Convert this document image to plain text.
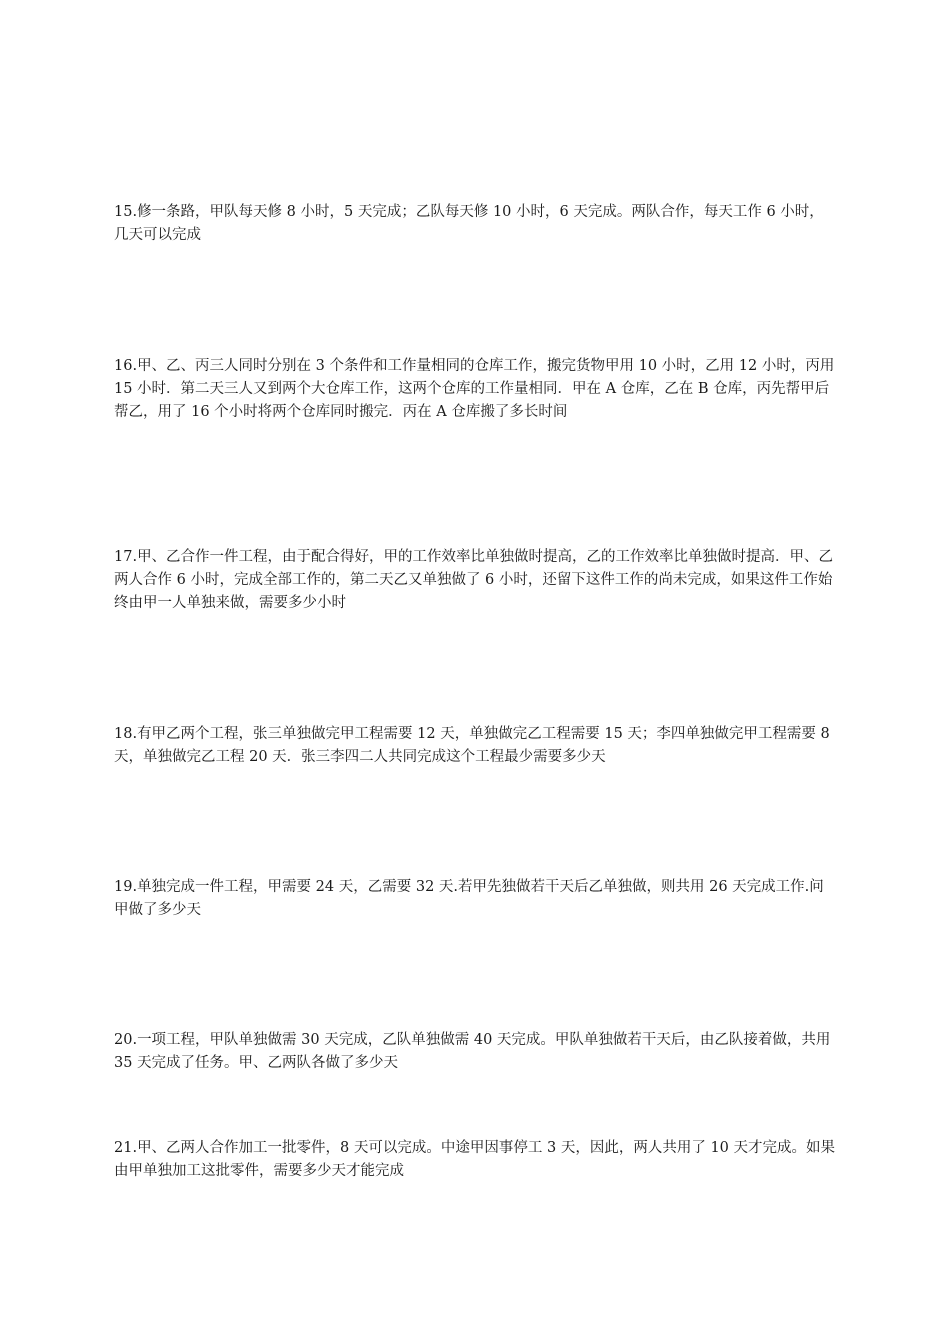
15.修一条路，甲队每天修 8 小时，5 天完成；乙队每天修 10 小时，6 天完成。两队合作，每天工作 6 小时，几天可以完成

16.甲、乙、丙三人同时分别在 3 个条件和工作量相同的仓库工作，搬完货物甲用 10 小时，乙用 12 小时，丙用 15 小时．第二天三人又到两个大仓库工作，这两个仓库的工作量相同．甲在 A 仓库，乙在 B 仓库，丙先帮甲后帮乙，用了 16 个小时将两个仓库同时搬完．丙在 A 仓库搬了多长时间

17.甲、乙合作一件工程，由于配合得好，甲的工作效率比单独做时提高，乙的工作效率比单独做时提高．甲、乙两人合作 6 小时，完成全部工作的，第二天乙又单独做了 6 小时，还留下这件工作的尚未完成，如果这件工作始终由甲一人单独来做，需要多少小时

18.有甲乙两个工程，张三单独做完甲工程需要 12 天，单独做完乙工程需要 15 天；李四单独做完甲工程需要 8 天，单独做完乙工程 20 天．张三李四二人共同完成这个工程最少需要多少天

19.单独完成一件工程，甲需要 24 天，乙需要 32 天.若甲先独做若干天后乙单独做，则共用 26 天完成工作.问甲做了多少天

20.一项工程，甲队单独做需 30 天完成，乙队单独做需 40 天完成。甲队单独做若干天后，由乙队接着做，共用 35 天完成了任务。甲、乙两队各做了多少天

21.甲、乙两人合作加工一批零件，8 天可以完成。中途甲因事停工 3 天，因此，两人共用了 10 天才完成。如果由甲单独加工这批零件，需要多少天才能完成
